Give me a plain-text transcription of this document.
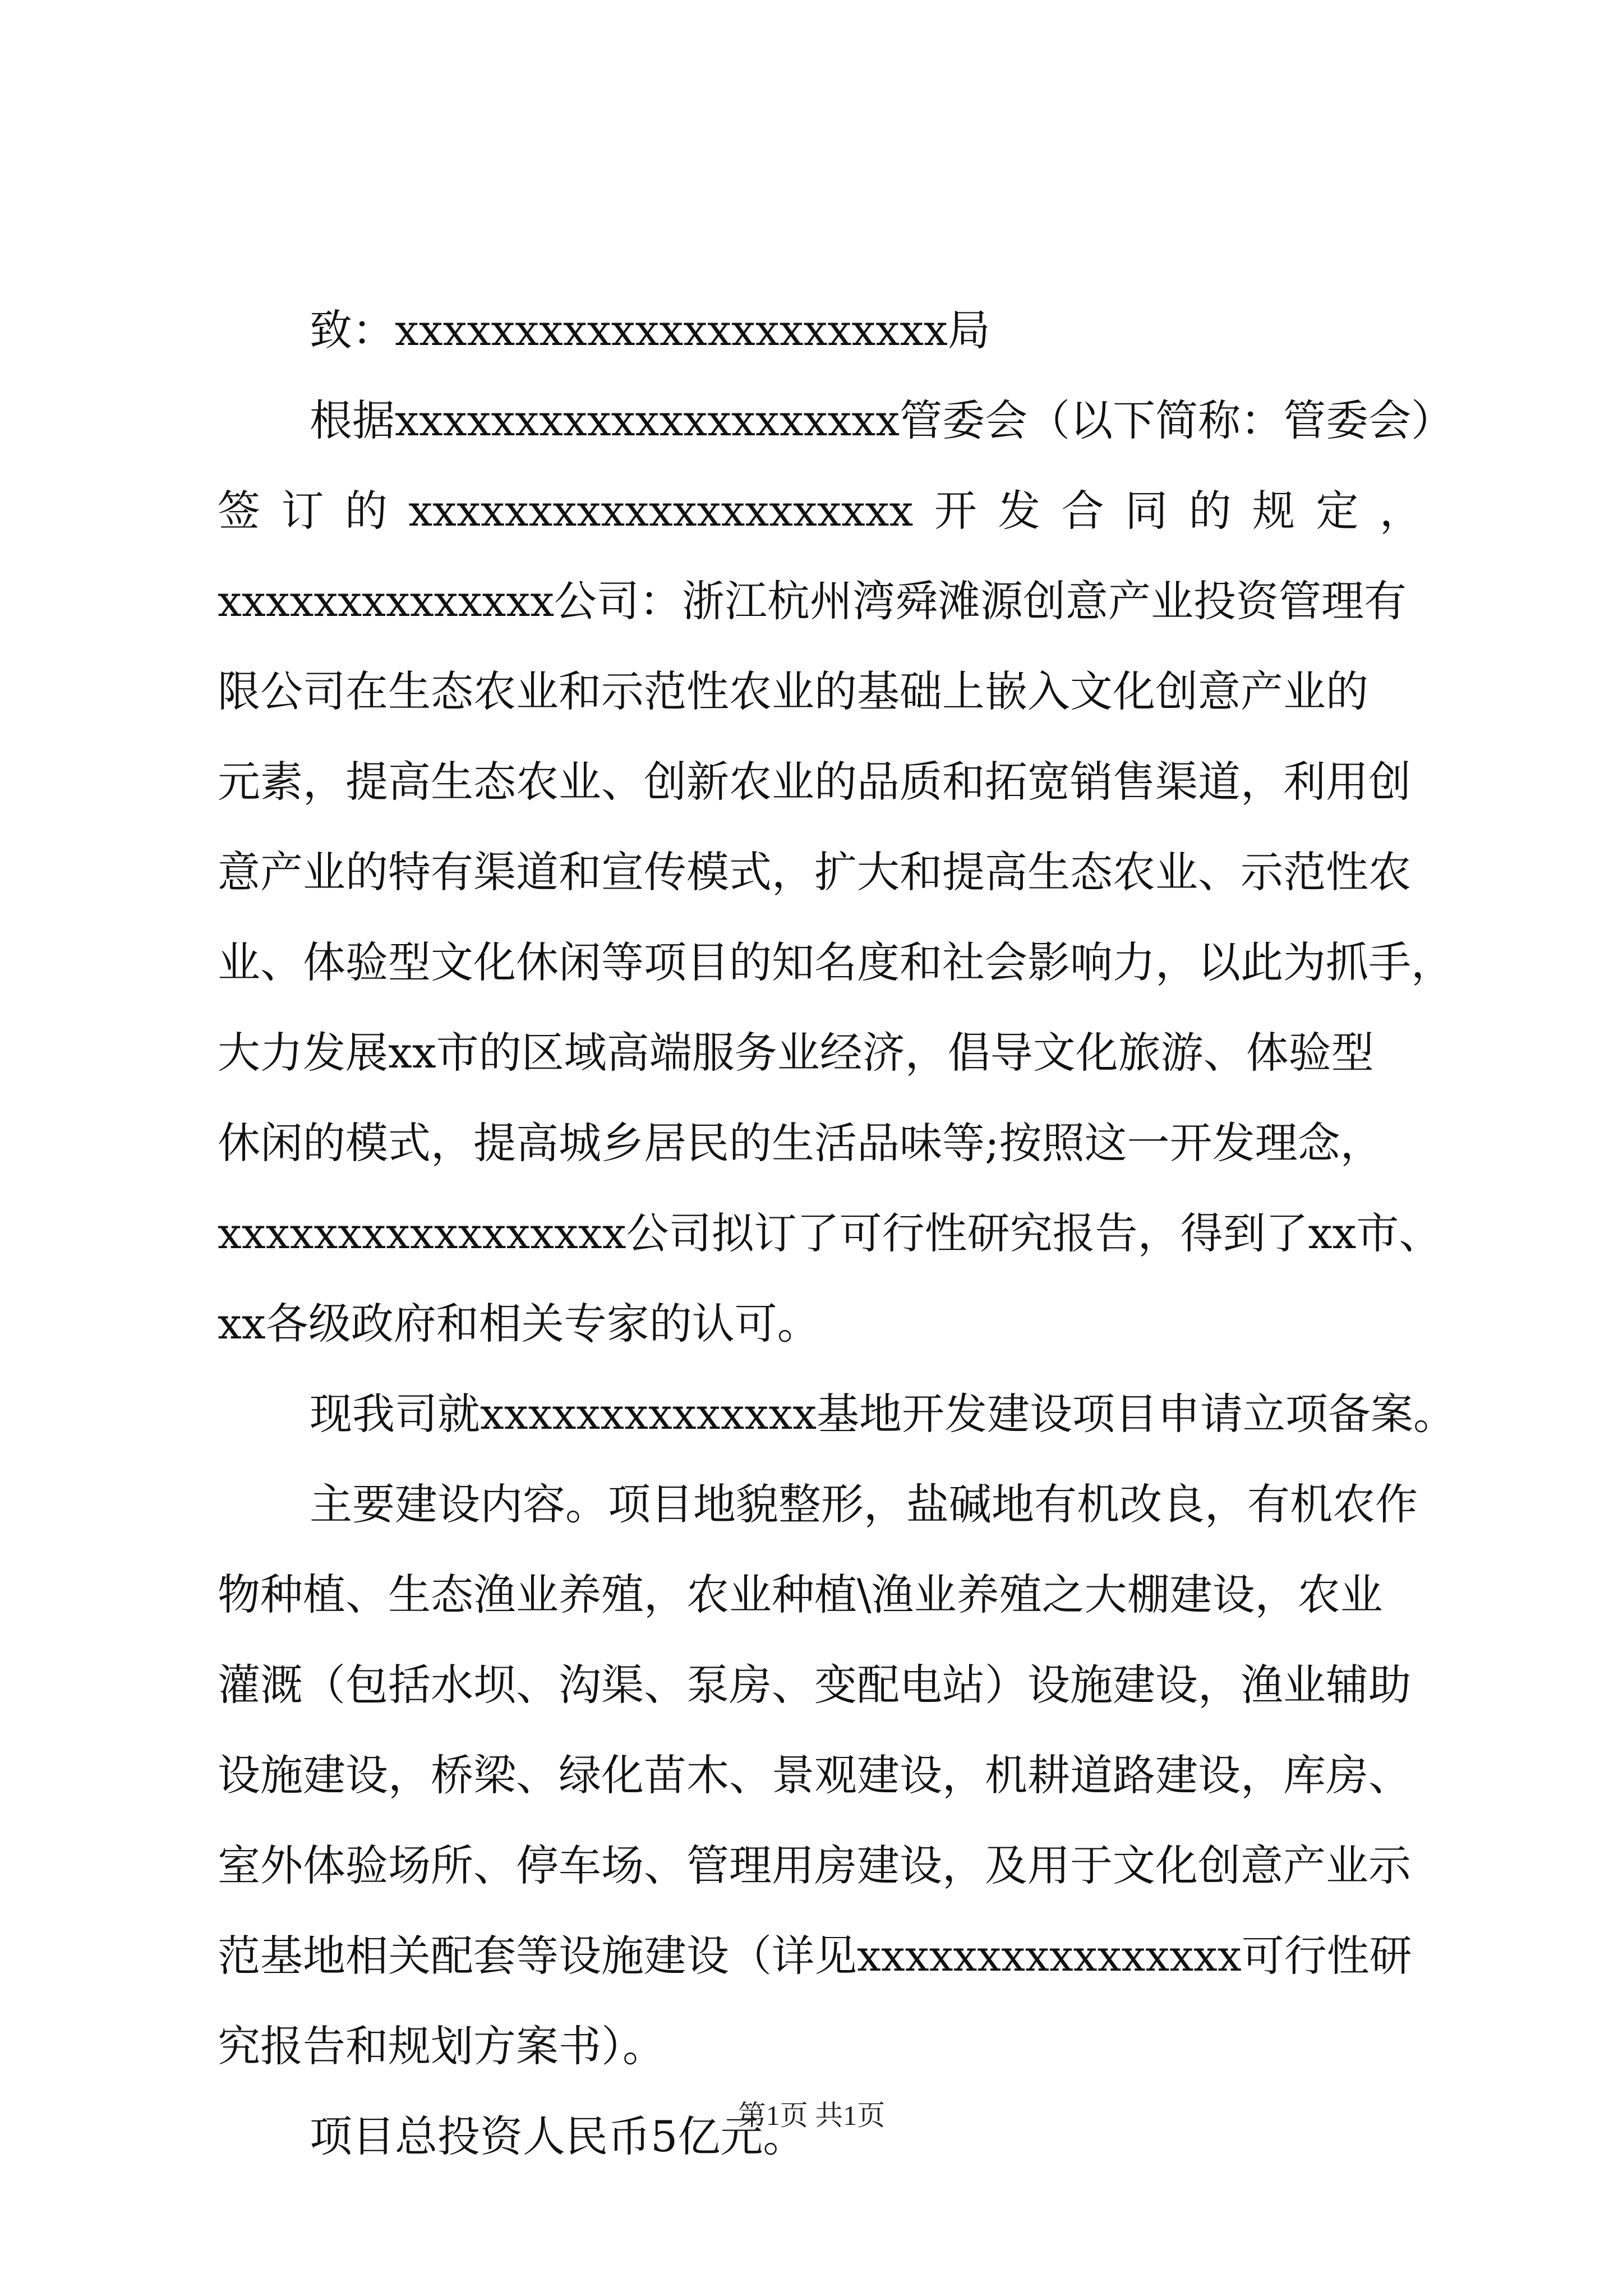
致：xxxxxxxxxxxxxxxxxxxxxxx局
根据xxxxxxxxxxxxxxxxxxxxx管委会（以下简称：管委会）
签 订 的 xxxxxxxxxxxxxxxxxxxxx 开 发 合 同 的 规 定 ，
xxxxxxxxxxxxxx公司：浙江杭州湾舜滩源创意产业投资管理有
限公司在生态农业和示范性农业的基础上嵌入文化创意产业的
元素，提高生态农业、创新农业的品质和拓宽销售渠道，利用创
意产业的特有渠道和宣传模式，扩大和提高生态农业、示范性农
业、体验型文化休闲等项目的知名度和社会影响力，以此为抓手，
大力发展xx市的区域高端服务业经济，倡导文化旅游、体验型
休闲的模式，提高城乡居民的生活品味等;按照这一开发理念，
xxxxxxxxxxxxxxxxx公司拟订了可行性研究报告，得到了xx市、
xx各级政府和相关专家的认可。
现我司就xxxxxxxxxxxxxx基地开发建设项目申请立项备案。
主要建设内容。项目地貌整形，盐碱地有机改良，有机农作
物种植、生态渔业养殖，农业种植\渔业养殖之大棚建设，农业
灌溉（包括水坝、沟渠、泵房、变配电站）设施建设，渔业辅助
设施建设，桥梁、绿化苗木、景观建设，机耕道路建设，库房、
室外体验场所、停车场、管理用房建设，及用于文化创意产业示
范基地相关配套等设施建设（详见xxxxxxxxxxxxxxxx可行性研
究报告和规划方案书）。
项目总投资人民币5亿元。
第1页 共1页
